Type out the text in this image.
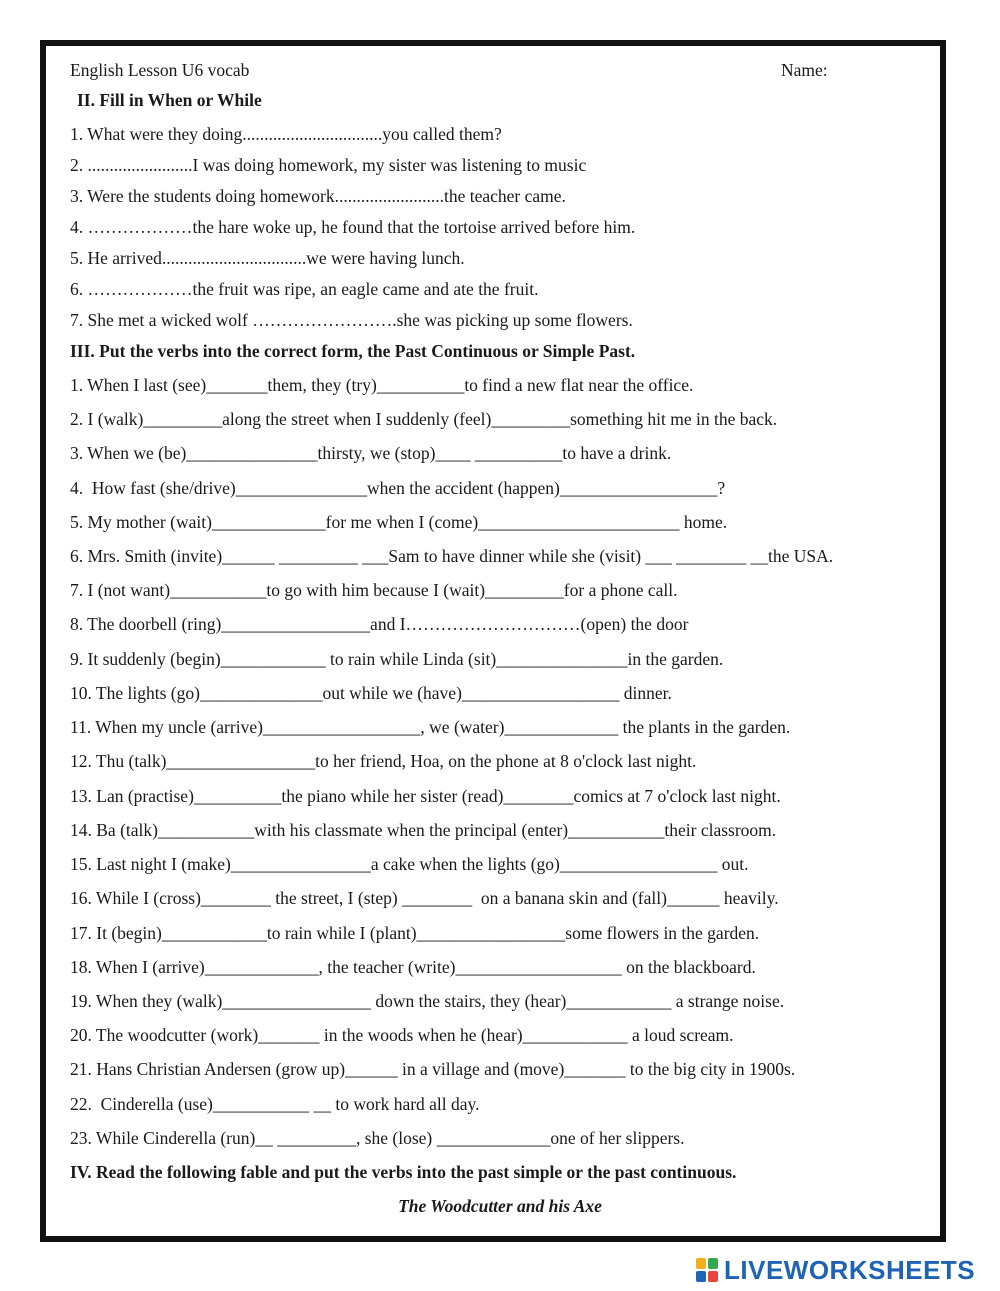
English Lesson U6 vocab	Name:
II. Fill in When or While
1. What were they doing................................you called them?
2. ........................I was doing homework, my sister was listening to music
3. Were the students doing homework.........................the teacher came.
4. ………………the hare woke up, he found that the tortoise arrived before him.
5. He arrived.................................we were having lunch.
6. ………………the fruit was ripe, an eagle came and ate the fruit.
7. She met a wicked wolf …………………….she was picking up some flowers.
III. Put the verbs into the correct form, the Past Continuous or Simple Past.
1. When I last (see)_______them, they (try)__________to find a new flat near the office.
2. I (walk)_________along the street when I suddenly (feel)_________something hit me in the back.
3. When we (be)_______________thirsty, we (stop)____ __________to have a drink.
4.  How fast (she/drive)_______________when the accident (happen)__________________?
5. My mother (wait)_____________for me when I (come)_______________________ home.
6. Mrs. Smith (invite)______ _________ ___Sam to have dinner while she (visit) ___ ________ __the USA.
7. I (not want)___________to go with him because I (wait)_________for a phone call.
8. The doorbell (ring)_________________and I…………………………(open) the door
9. It suddenly (begin)____________ to rain while Linda (sit)_______________in the garden.
10. The lights (go)______________out while we (have)__________________ dinner.
11. When my uncle (arrive)__________________, we (water)_____________ the plants in the garden.
12. Thu (talk)_________________to her friend, Hoa, on the phone at 8 o'clock last night.
13. Lan (practise)__________the piano while her sister (read)________comics at 7 o'clock last night.
14. Ba (talk)___________with his classmate when the principal (enter)___________their classroom.
15. Last night I (make)________________a cake when the lights (go)__________________ out.
16. While I (cross)________ the street, I (step) ________  on a banana skin and (fall)______ heavily.
17. It (begin)____________to rain while I (plant)_________________some flowers in the garden.
18. When I (arrive)_____________, the teacher (write)___________________ on the blackboard.
19. When they (walk)_________________ down the stairs, they (hear)____________ a strange noise.
20. The woodcutter (work)_______ in the woods when he (hear)____________ a loud scream.
21. Hans Christian Andersen (grow up)______ in a village and (move)_______ to the big city in 1900s.
22.  Cinderella (use)___________ __ to work hard all day.
23. While Cinderella (run)__ _________, she (lose) _____________one of her slippers.
IV. Read the following fable and put the verbs into the past simple or the past continuous.
The Woodcutter and his Axe
LIVEWORKSHEETS
